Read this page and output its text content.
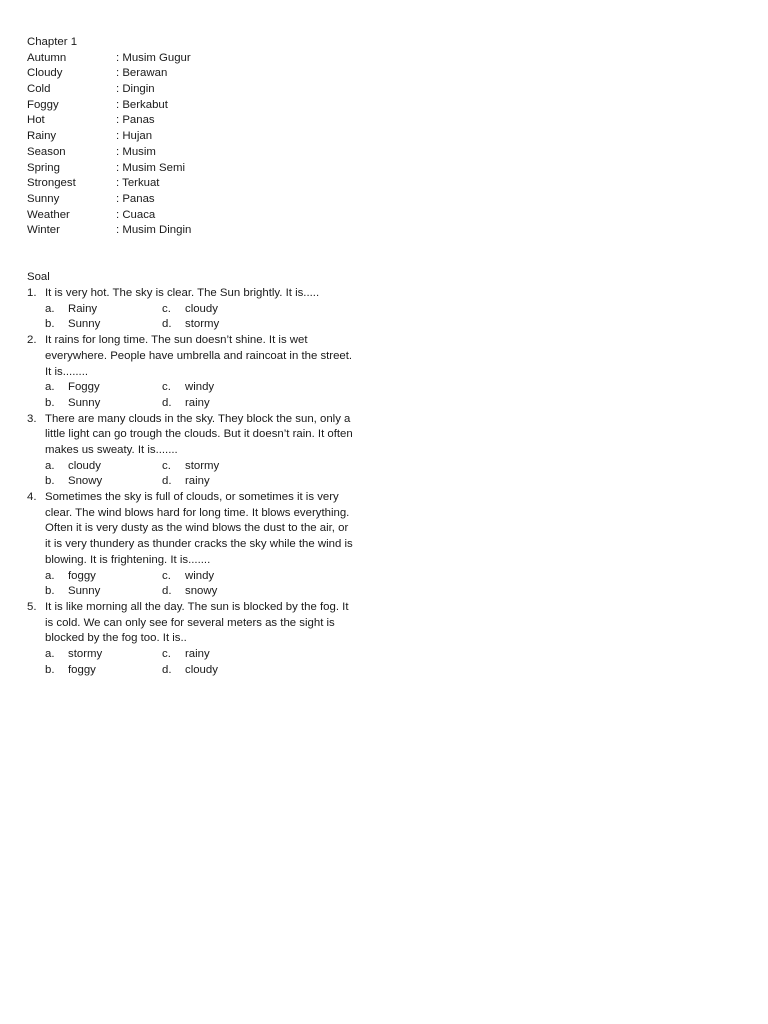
Chapter 1
Autumn	: Musim Gugur
Cloudy	: Berawan
Cold	: Dingin
Foggy	: Berkabut
Hot	: Panas
Rainy	: Hujan
Season	: Musim
Spring	: Musim Semi
Strongest	: Terkuat
Sunny	: Panas
Weather	: Cuaca
Winter	: Musim Dingin
Soal
1. It is very hot. The sky is clear. The Sun brightly. It is.....
a.	Rainy	c.	cloudy
b.	Sunny	d.	stormy
2. It rains for long time. The sun doesn’t shine. It is wet everywhere. People have umbrella and raincoat in the street. It is........
a.	Foggy	c.	windy
b.	Sunny	d.	rainy
3. There are many clouds in the sky. They block the sun, only a little light can go trough the clouds. But it doesn’t rain. It often makes us sweaty. It is.......
a.	cloudy	c.	stormy
b.	Snowy	d.	rainy
4. Sometimes the sky is full of clouds, or sometimes it is very clear. The wind blows hard for long time. It blows everything. Often it is very dusty as the wind blows the dust to the air, or it is very thundery as thunder cracks the sky while the wind is blowing. It is frightening. It is.......
a.	foggy	c.	windy
b.	Sunny	d.	snowy
5. It is like morning all the day. The sun is blocked by the fog. It is cold. We can only see for several meters as the sight is blocked by the fog too. It is..
a.	stormy	c.	rainy
b.	foggy	d.	cloudy
